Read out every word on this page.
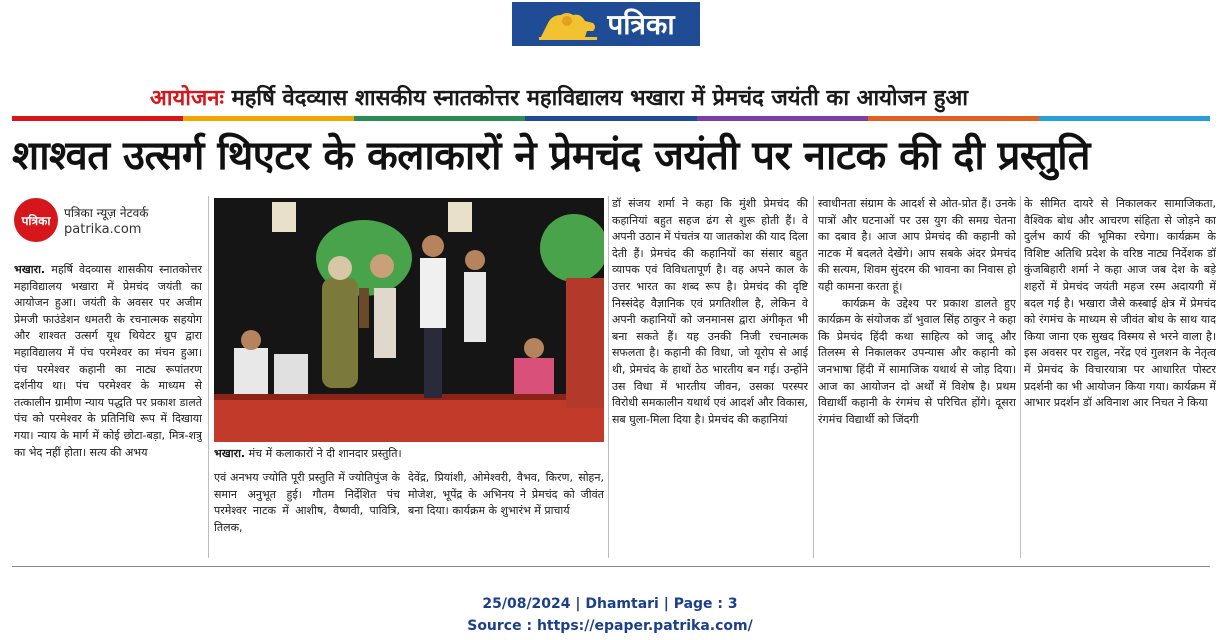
पत्रिका
आयोजनः महर्षि वेदव्यास शासकीय स्नातकोत्तर महाविद्यालय भखारा में प्रेमचंद जयंती का आयोजन हुआ
शाश्वत उत्सर्ग थिएटर के कलाकारों ने प्रेमचंद जयंती पर नाटक की दी प्रस्तुति
पत्रिका
पत्रिका न्यूज़ नेटवर्क
patrika.com
भखारा. महर्षि वेदव्यास शासकीय स्नातकोत्तर महाविद्यालय भखारा में प्रेमचंद जयंती का आयोजन हुआ। जयंती के अवसर पर अजीम प्रेमजी फाउंडेशन धमतरी के रचनात्मक सहयोग और शाश्वत उत्सर्ग यूथ थियेटर ग्रुप द्वारा महाविद्यालय में पंच परमेश्वर का मंचन हुआ। पंच परमेश्वर कहानी का नाट्य रूपांतरण दर्शनीय था। पंच परमेश्वर के माध्यम से तत्कालीन ग्रामीण न्याय पद्धति पर प्रकाश डालते पंच को परमेश्वर के प्रतिनिधि रूप में दिखाया गया। न्याय के मार्ग में कोई छोटा-बड़ा, मित्र-शत्रु का भेद नहीं होता। सत्य की अभय	भखारा. मंच में कलाकारों ने दी शानदार प्रस्तुति।
एवं अनभय ज्योति पूरी प्रस्तुति में ज्योतिपुंज के समान अनुभूत हुई। गौतम निर्देशित पंच परमेश्वर नाटक में आशीष, वैष्णवी, पावित्रि, तिलक,
देवेंद्र, प्रियांशी, ओमेश्वरी, वैभव, किरण, सोहन, मोजेश, भूपेंद्र के अभिनय ने प्रेमचंद को जीवंत बना दिया। कार्यक्रम के शुभारंभ में प्राचार्य
डॉ संजय शर्मा ने कहा कि मुंशी प्रेमचंद की कहानियां बहुत सहज ढंग से शुरू होती हैं। वे अपनी उठान में पंचतंत्र या जातकोश की याद दिला देती हैं। प्रेमचंद की कहानियों का संसार बहुत व्यापक एवं विविधतापूर्ण है। वह अपने काल के उत्तर भारत का शब्द रूप है। प्रेमचंद की दृष्टि निस्संदेह वैज्ञानिक एवं प्रगतिशील है, लेकिन वे अपनी कहानियों को जनमानस द्वारा अंगीकृत भी बना सकते हैं। यह उनकी निजी रचनात्मक सफलता है। कहानी की विधा, जो यूरोप से आई थी, प्रेमचंद के हाथों ठेठ भारतीय बन गई। उन्होंने उस विधा में भारतीय जीवन, उसका परस्पर विरोधी समकालीन यथार्थ एवं आदर्श और विकास, सब घुला-मिला दिया है। प्रेमचंद की कहानियां
स्वाधीनता संग्राम के आदर्श से ओत-प्रोत हैं। उनके पात्रों और घटनाओं पर उस युग की समग्र चेतना का दबाव है। आज आप प्रेमचंद की कहानी को नाटक में बदलते देखेंगे। आप सबके अंदर प्रेमचंद की सत्यम, शिवम सुंदरम की भावना का निवास हो यही कामना करता हूं।
कार्यक्रम के उद्देश्य पर प्रकाश डालते हुए कार्यक्रम के संयोजक डॉ भुवाल सिंह ठाकुर ने कहा कि प्रेमचंद हिंदी कथा साहित्य को जादू और तिलस्म से निकालकर उपन्यास और कहानी को जनभाषा हिंदी में सामाजिक यथार्थ से जोड़ दिया। आज का आयोजन दो अर्थों में विशेष है। प्रथम विद्यार्थी कहानी के रंगमंच से परिचित होंगे। दूसरा रंगमंच विद्यार्थी को जिंदगी
के सीमित दायरे से निकालकर सामाजिकता, वैश्विक बोध और आचरण संहिता से जोड़ने का दुर्लभ कार्य की भूमिका रचेगा। कार्यक्रम के विशिष्ट अतिथि प्रदेश के वरिष्ठ नाट्य निर्देशक डॉ कुंजबिहारी शर्मा ने कहा आज जब देश के बड़े शहरों में प्रेमचंद जयंती महज रस्म अदायगी में बदल गई है। भखारा जैसे कस्बाई क्षेत्र में प्रेमचंद को रंगमंच के माध्यम से जीवंत बोध के साथ याद किया जाना एक सुखद विस्मय से भरने वाला है। इस अवसर पर राहुल, नरेंद्र एवं गुलशन के नेतृत्व में प्रेमचंद के विचारयात्रा पर आधारित पोस्टर प्रदर्शनी का भी आयोजन किया गया। कार्यक्रम में आभार प्रदर्शन डॉ अविनाश आर निचत ने किया
25/08/2024 | Dhamtari | Page : 3
Source : https://epaper.patrika.com/
